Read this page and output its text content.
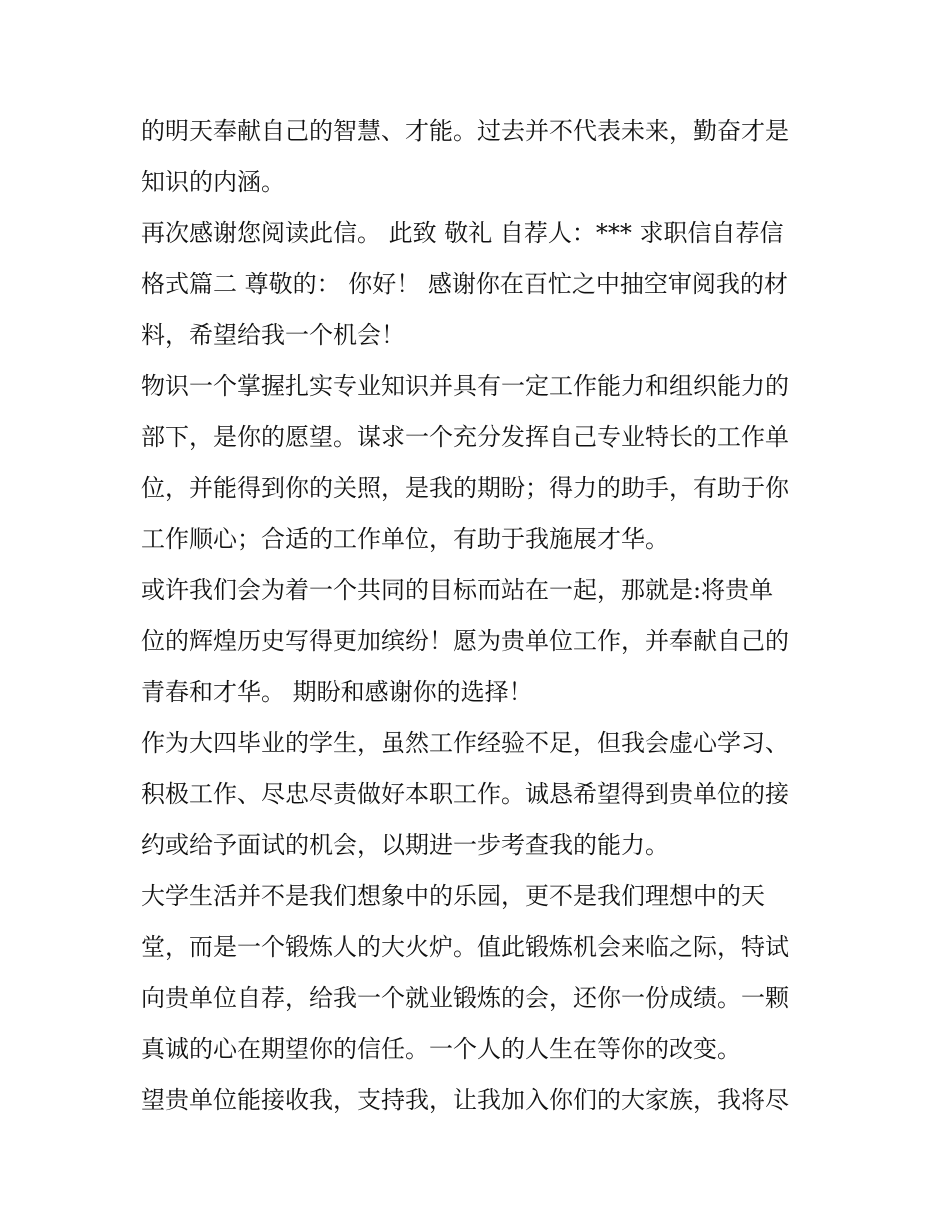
的明天奉献自己的智慧、才能。过去并不代表未来，勤奋才是
知识的内涵。
再次感谢您阅读此信。 此致 敬礼 自荐人：*** 求职信自荐信
格式篇二 尊敬的： 你好！ 感谢你在百忙之中抽空审阅我的材
料，希望给我一个机会！
物识一个掌握扎实专业知识并具有一定工作能力和组织能力的
部下，是你的愿望。谋求一个充分发挥自己专业特长的工作单
位，并能得到你的关照，是我的期盼；得力的助手，有助于你
工作顺心；合适的工作单位，有助于我施展才华。
或许我们会为着一个共同的目标而站在一起，那就是:将贵单
位的辉煌历史写得更加缤纷！愿为贵单位工作，并奉献自己的
青春和才华。 期盼和感谢你的选择！
作为大四毕业的学生，虽然工作经验不足，但我会虚心学习、
积极工作、尽忠尽责做好本职工作。诚恳希望得到贵单位的接
约或给予面试的机会，以期进一步考查我的能力。
大学生活并不是我们想象中的乐园，更不是我们理想中的天
堂，而是一个锻炼人的大火炉。值此锻炼机会来临之际，特试
向贵单位自荐，给我一个就业锻炼的会，还你一份成绩。一颗
真诚的心在期望你的信任。一个人的人生在等你的改变。
望贵单位能接收我，支持我，让我加入你们的大家族，我将尽
